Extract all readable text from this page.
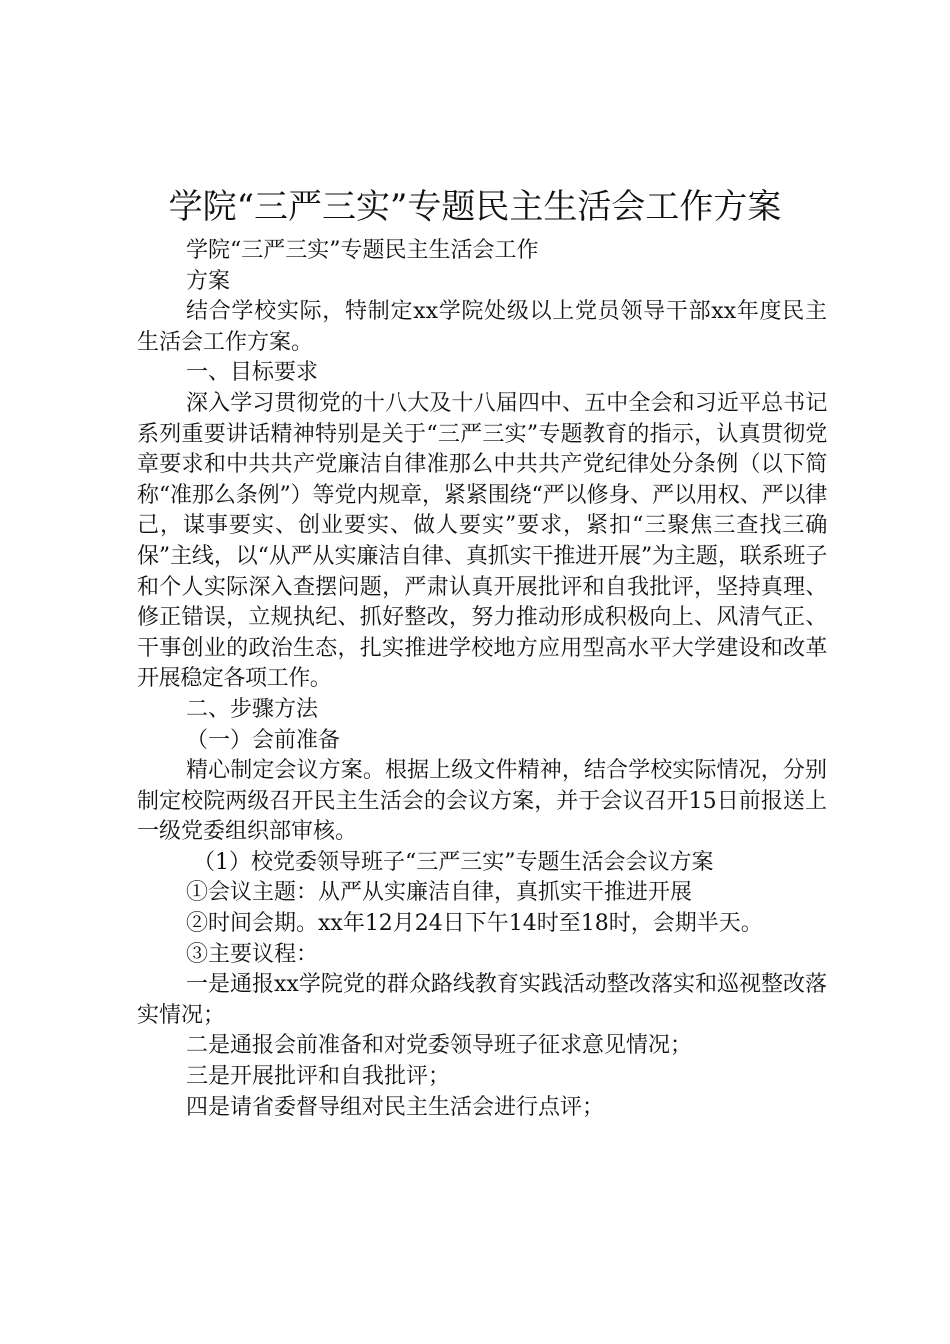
学院“三严三实”专题民主生活会工作方案

学院“三严三实”专题民主生活会工作

方案

结合学校实际，特制定xx学院处级以上党员领导干部xx年度民主生活会工作方案。

一、目标要求

深入学习贯彻党的十八大及十八届四中、五中全会和习近平总书记系列重要讲话精神特别是关于“三严三实”专题教育的指示，认真贯彻党章要求和中共共产党廉洁自律准那么中共共产党纪律处分条例（以下简称“准那么条例”）等党内规章，紧紧围绕“严以修身、严以用权、严以律己，谋事要实、创业要实、做人要实”要求，紧扣“三聚焦三查找三确保”主线，以“从严从实廉洁自律、真抓实干推进开展”为主题，联系班子和个人实际深入查摆问题，严肃认真开展批评和自我批评，坚持真理、修正错误，立规执纪、抓好整改，努力推动形成积极向上、风清气正、干事创业的政治生态，扎实推进学校地方应用型高水平大学建设和改革开展稳定各项工作。

二、步骤方法

（一）会前准备

精心制定会议方案。根据上级文件精神，结合学校实际情况，分别制定校院两级召开民主生活会的会议方案，并于会议召开15日前报送上一级党委组织部审核。

（1）校党委领导班子“三严三实”专题生活会会议方案

①会议主题：从严从实廉洁自律，真抓实干推进开展

②时间会期。xx年12月24日下午14时至18时，会期半天。

③主要议程：

一是通报xx学院党的群众路线教育实践活动整改落实和巡视整改落实情况；

二是通报会前准备和对党委领导班子征求意见情况；

三是开展批评和自我批评；

四是请省委督导组对民主生活会进行点评；
